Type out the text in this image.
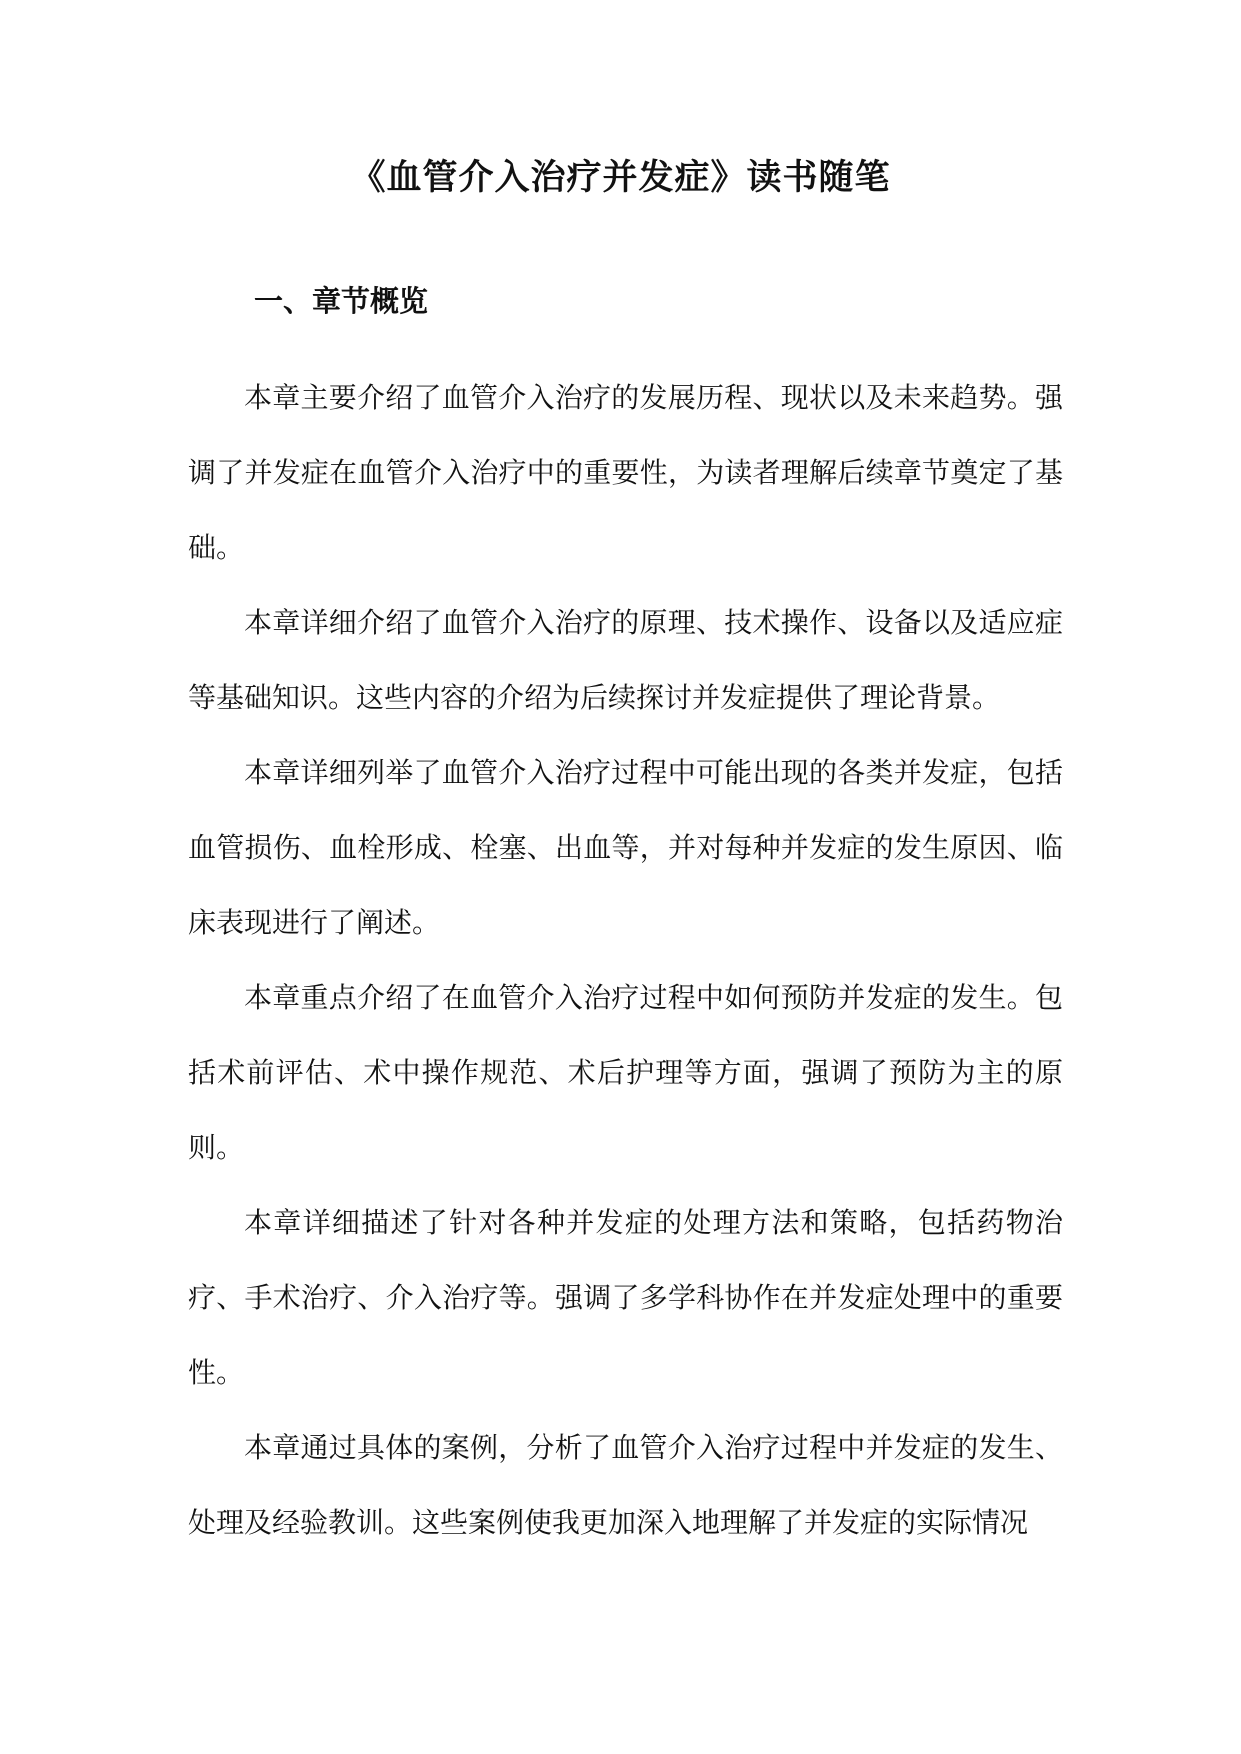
《血管介入治疗并发症》读书随笔
一、章节概览

本章主要介绍了血管介入治疗的发展历程、现状以及未来趋势。强调了并发症在血管介入治疗中的重要性，为读者理解后续章节奠定了基础。

本章详细介绍了血管介入治疗的原理、技术操作、设备以及适应症等基础知识。这些内容的介绍为后续探讨并发症提供了理论背景。

本章详细列举了血管介入治疗过程中可能出现的各类并发症，包括血管损伤、血栓形成、栓塞、出血等，并对每种并发症的发生原因、临床表现进行了阐述。

本章重点介绍了在血管介入治疗过程中如何预防并发症的发生。包括术前评估、术中操作规范、术后护理等方面，强调了预防为主的原则。

本章详细描述了针对各种并发症的处理方法和策略，包括药物治疗、手术治疗、介入治疗等。强调了多学科协作在并发症处理中的重要性。

本章通过具体的案例，分析了血管介入治疗过程中并发症的发生、处理及经验教训。这些案例使我更加深入地理解了并发症的实际情况
